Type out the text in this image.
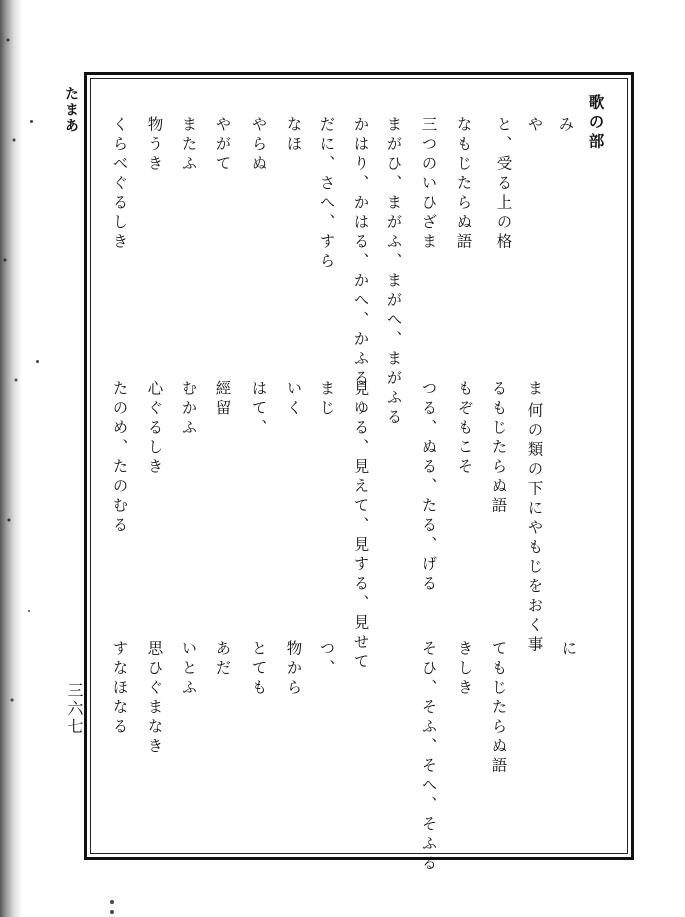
たまあ
三六七
歌の部
み
や
ま
に
と、受る上の格
何の類の下にやもじをおく事
なもじたらぬ語
るもじたらぬ語
てもじたらぬ語
もぞもこそ
きしき
三つのいひざま
つる、ぬる、たる、げる
そひ、そふ、そへ、そふる
まがひ、まがふ、まがへ、まがふる
かはり、かはる、かへ、かふる
見ゆる、見えて、見する、見せて
だに、さへ、すら
まじ
つ、
なほ
いく
物から
やらぬ
はて、
とても
やがて
經留
あだ
またふ
むかふ
いとふ
物うき
心ぐるしき
思ひぐまなき
くらべぐるしき
たのめ、たのむる
すなほなる
